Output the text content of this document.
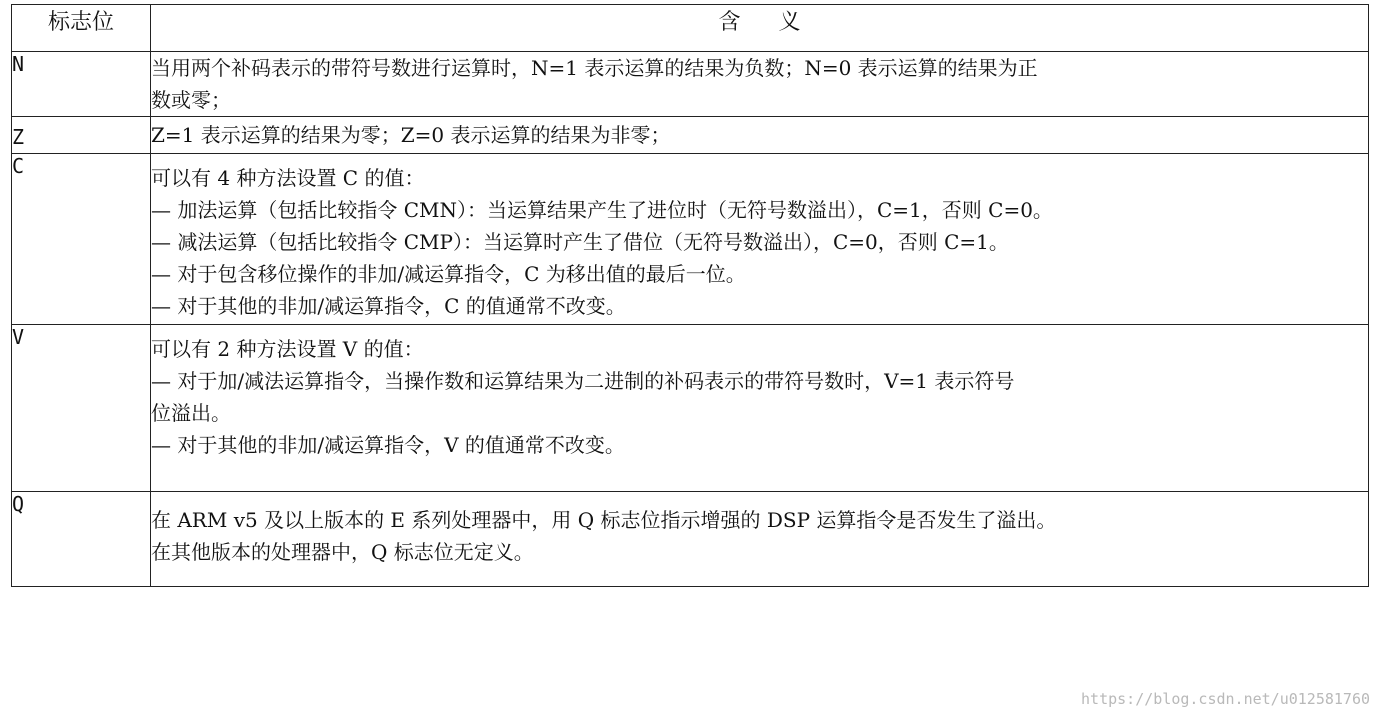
标志位	含义
N	当用两个补码表示的带符号数进行运算时，N=1 表示运算的结果为负数；N=0 表示运算的结果为正
数或零；

Z	Z=1 表示运算的结果为零；Z=0 表示运算的结果为非零；

C	可以有 4 种方法设置 C 的值：
— 加法运算（包括比较指令 CMN）：当运算结果产生了进位时（无符号数溢出），C=1，否则 C=0。
— 减法运算（包括比较指令 CMP）：当运算时产生了借位（无符号数溢出），C=0，否则 C=1。
— 对于包含移位操作的非加/减运算指令，C 为移出值的最后一位。
— 对于其他的非加/减运算指令，C 的值通常不改变。

V	可以有 2 种方法设置 V 的值：
— 对于加/减法运算指令，当操作数和运算结果为二进制的补码表示的带符号数时，V=1 表示符号
位溢出。
— 对于其他的非加/减运算指令，V 的值通常不改变。

Q	在 ARM v5 及以上版本的 E 系列处理器中，用 Q 标志位指示增强的 DSP 运算指令是否发生了溢出。
在其他版本的处理器中，Q 标志位无定义。
https://blog.csdn.net/u012581760
